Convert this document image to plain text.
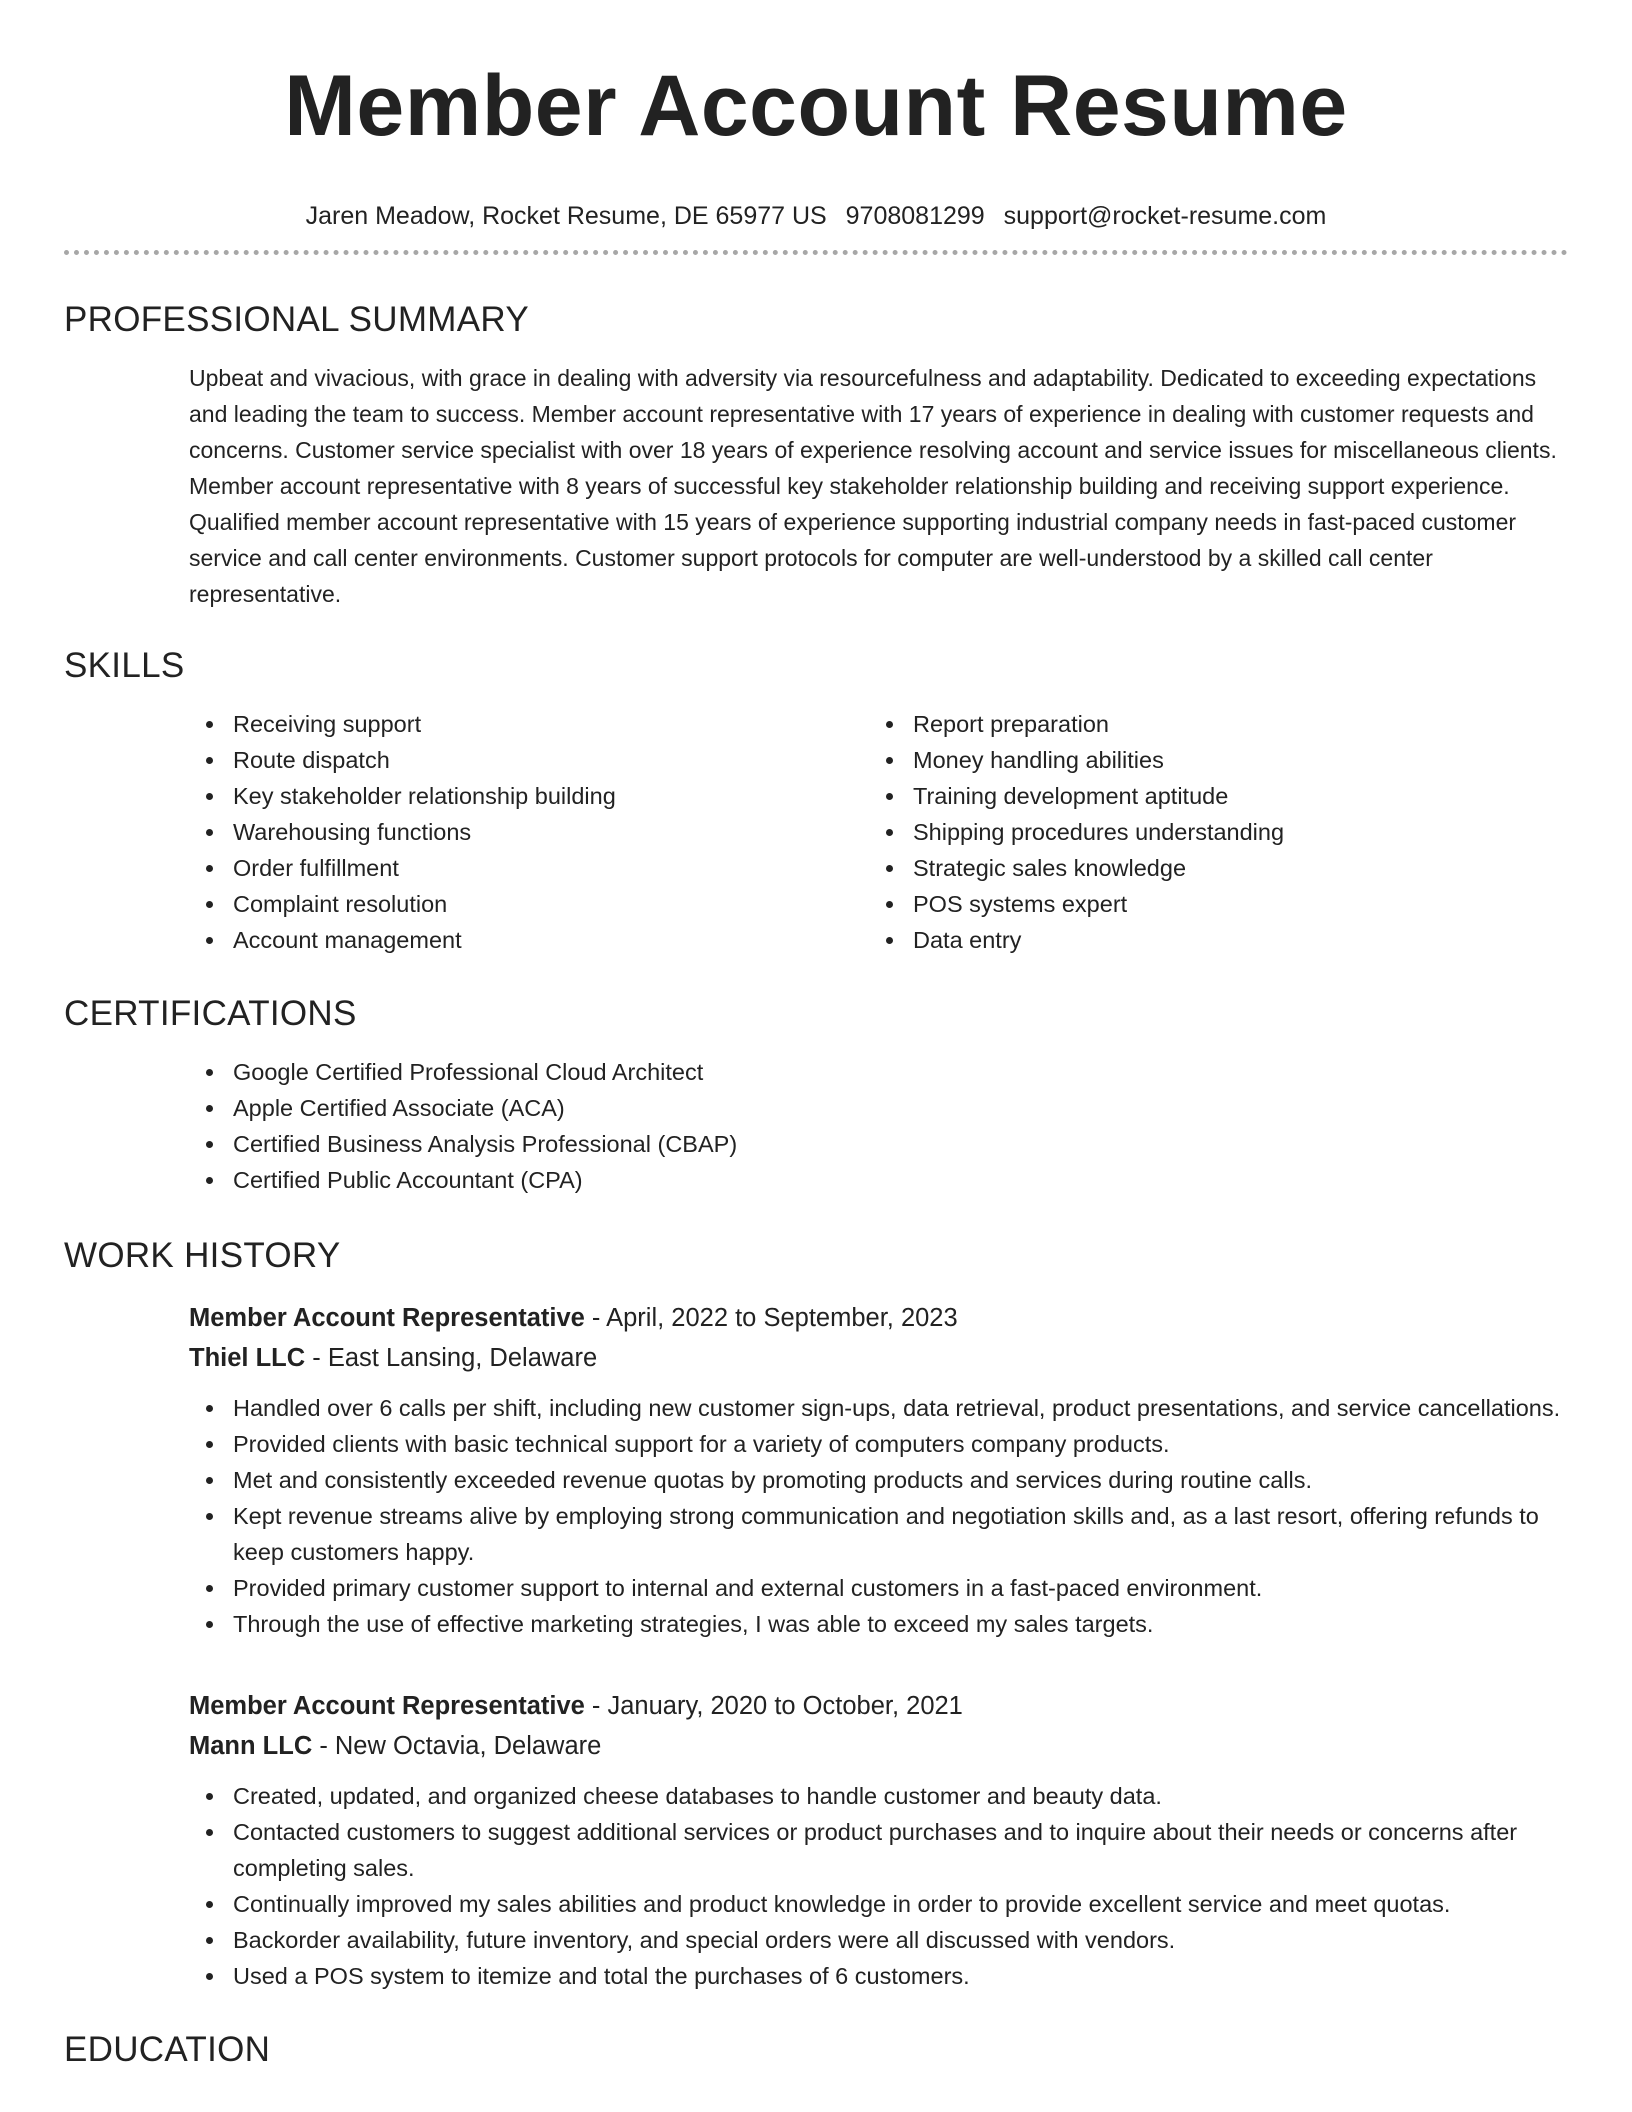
Member Account Resume
Jaren Meadow, Rocket Resume, DE 65977 US 9708081299 support@rocket-resume.com
PROFESSIONAL SUMMARY

Upbeat and vivacious, with grace in dealing with adversity via resourcefulness and adaptability. Dedicated to exceeding expectations and leading the team to success. Member account representative with 17 years of experience in dealing with customer requests and concerns. Customer service specialist with over 18 years of experience resolving account and service issues for miscellaneous clients. Member account representative with 8 years of successful key stakeholder relationship building and receiving support experience. Qualified member account representative with 15 years of experience supporting industrial company needs in fast-paced customer service and call center environments. Customer support protocols for computer are well-understood by a skilled call center representative.

SKILLS
Receiving support
Route dispatch
Key stakeholder relationship building
Warehousing functions
Order fulfillment
Complaint resolution
Account management
Report preparation
Money handling abilities
Training development aptitude
Shipping procedures understanding
Strategic sales knowledge
POS systems expert
Data entry
CERTIFICATIONS
Google Certified Professional Cloud Architect
Apple Certified Associate (ACA)
Certified Business Analysis Professional (CBAP)
Certified Public Accountant (CPA)
WORK HISTORY
Member Account Representative - April, 2022 to September, 2023
Thiel LLC - East Lansing, Delaware
Handled over 6 calls per shift, including new customer sign-ups, data retrieval, product presentations, and service cancellations.
Provided clients with basic technical support for a variety of computers company products.
Met and consistently exceeded revenue quotas by promoting products and services during routine calls.
Kept revenue streams alive by employing strong communication and negotiation skills and, as a last resort, offering refunds to keep customers happy.
Provided primary customer support to internal and external customers in a fast-paced environment.
Through the use of effective marketing strategies, I was able to exceed my sales targets.
Member Account Representative - January, 2020 to October, 2021
Mann LLC - New Octavia, Delaware
Created, updated, and organized cheese databases to handle customer and beauty data.
Contacted customers to suggest additional services or product purchases and to inquire about their needs or concerns after completing sales.
Continually improved my sales abilities and product knowledge in order to provide excellent service and meet quotas.
Backorder availability, future inventory, and special orders were all discussed with vendors.
Used a POS system to itemize and total the purchases of 6 customers.
EDUCATION
